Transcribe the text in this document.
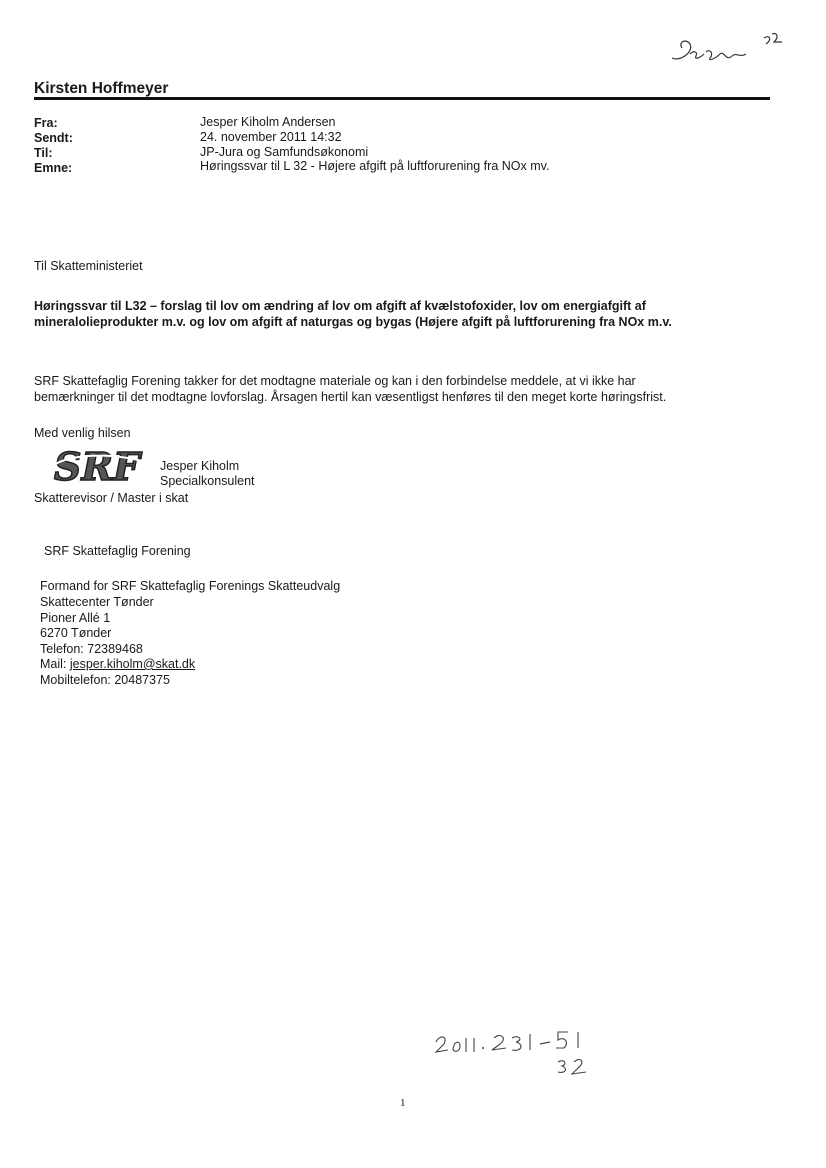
Kirsten Hoffmeyer
Fra:	Jesper Kiholm Andersen
Sendt:	24. november 2011 14:32
Til:	JP-Jura og Samfundsøkonomi
Emne:	Høringssvar til L 32 - Højere afgift på luftforurening fra NOx mv.
Til Skatteministeriet
Høringssvar til L32 – forslag til lov om ændring af lov om afgift af kvælstofoxider, lov om energiafgift af
mineralolieprodukter m.v. og lov om afgift af naturgas og bygas (Højere afgift på luftforurening fra NOx m.v.
SRF Skattefaglig Forening takker for det modtagne materiale og kan i den forbindelse meddele, at vi ikke har
bemærkninger til det modtagne lovforslag. Årsagen hertil kan væsentligst henføres til den meget korte høringsfrist.
Med venlig hilsen
SRF Jesper Kiholm
Specialkonsulent
Skatterevisor / Master i skat
SRF Skattefaglig Forening
Formand for SRF Skattefaglig Forenings Skatteudvalg
Skattecenter Tønder
Pioner Allé 1
6270 Tønder
Telefon: 72389468
Mail: jesper.kiholm@skat.dk
Mobiltelefon: 20487375
1
